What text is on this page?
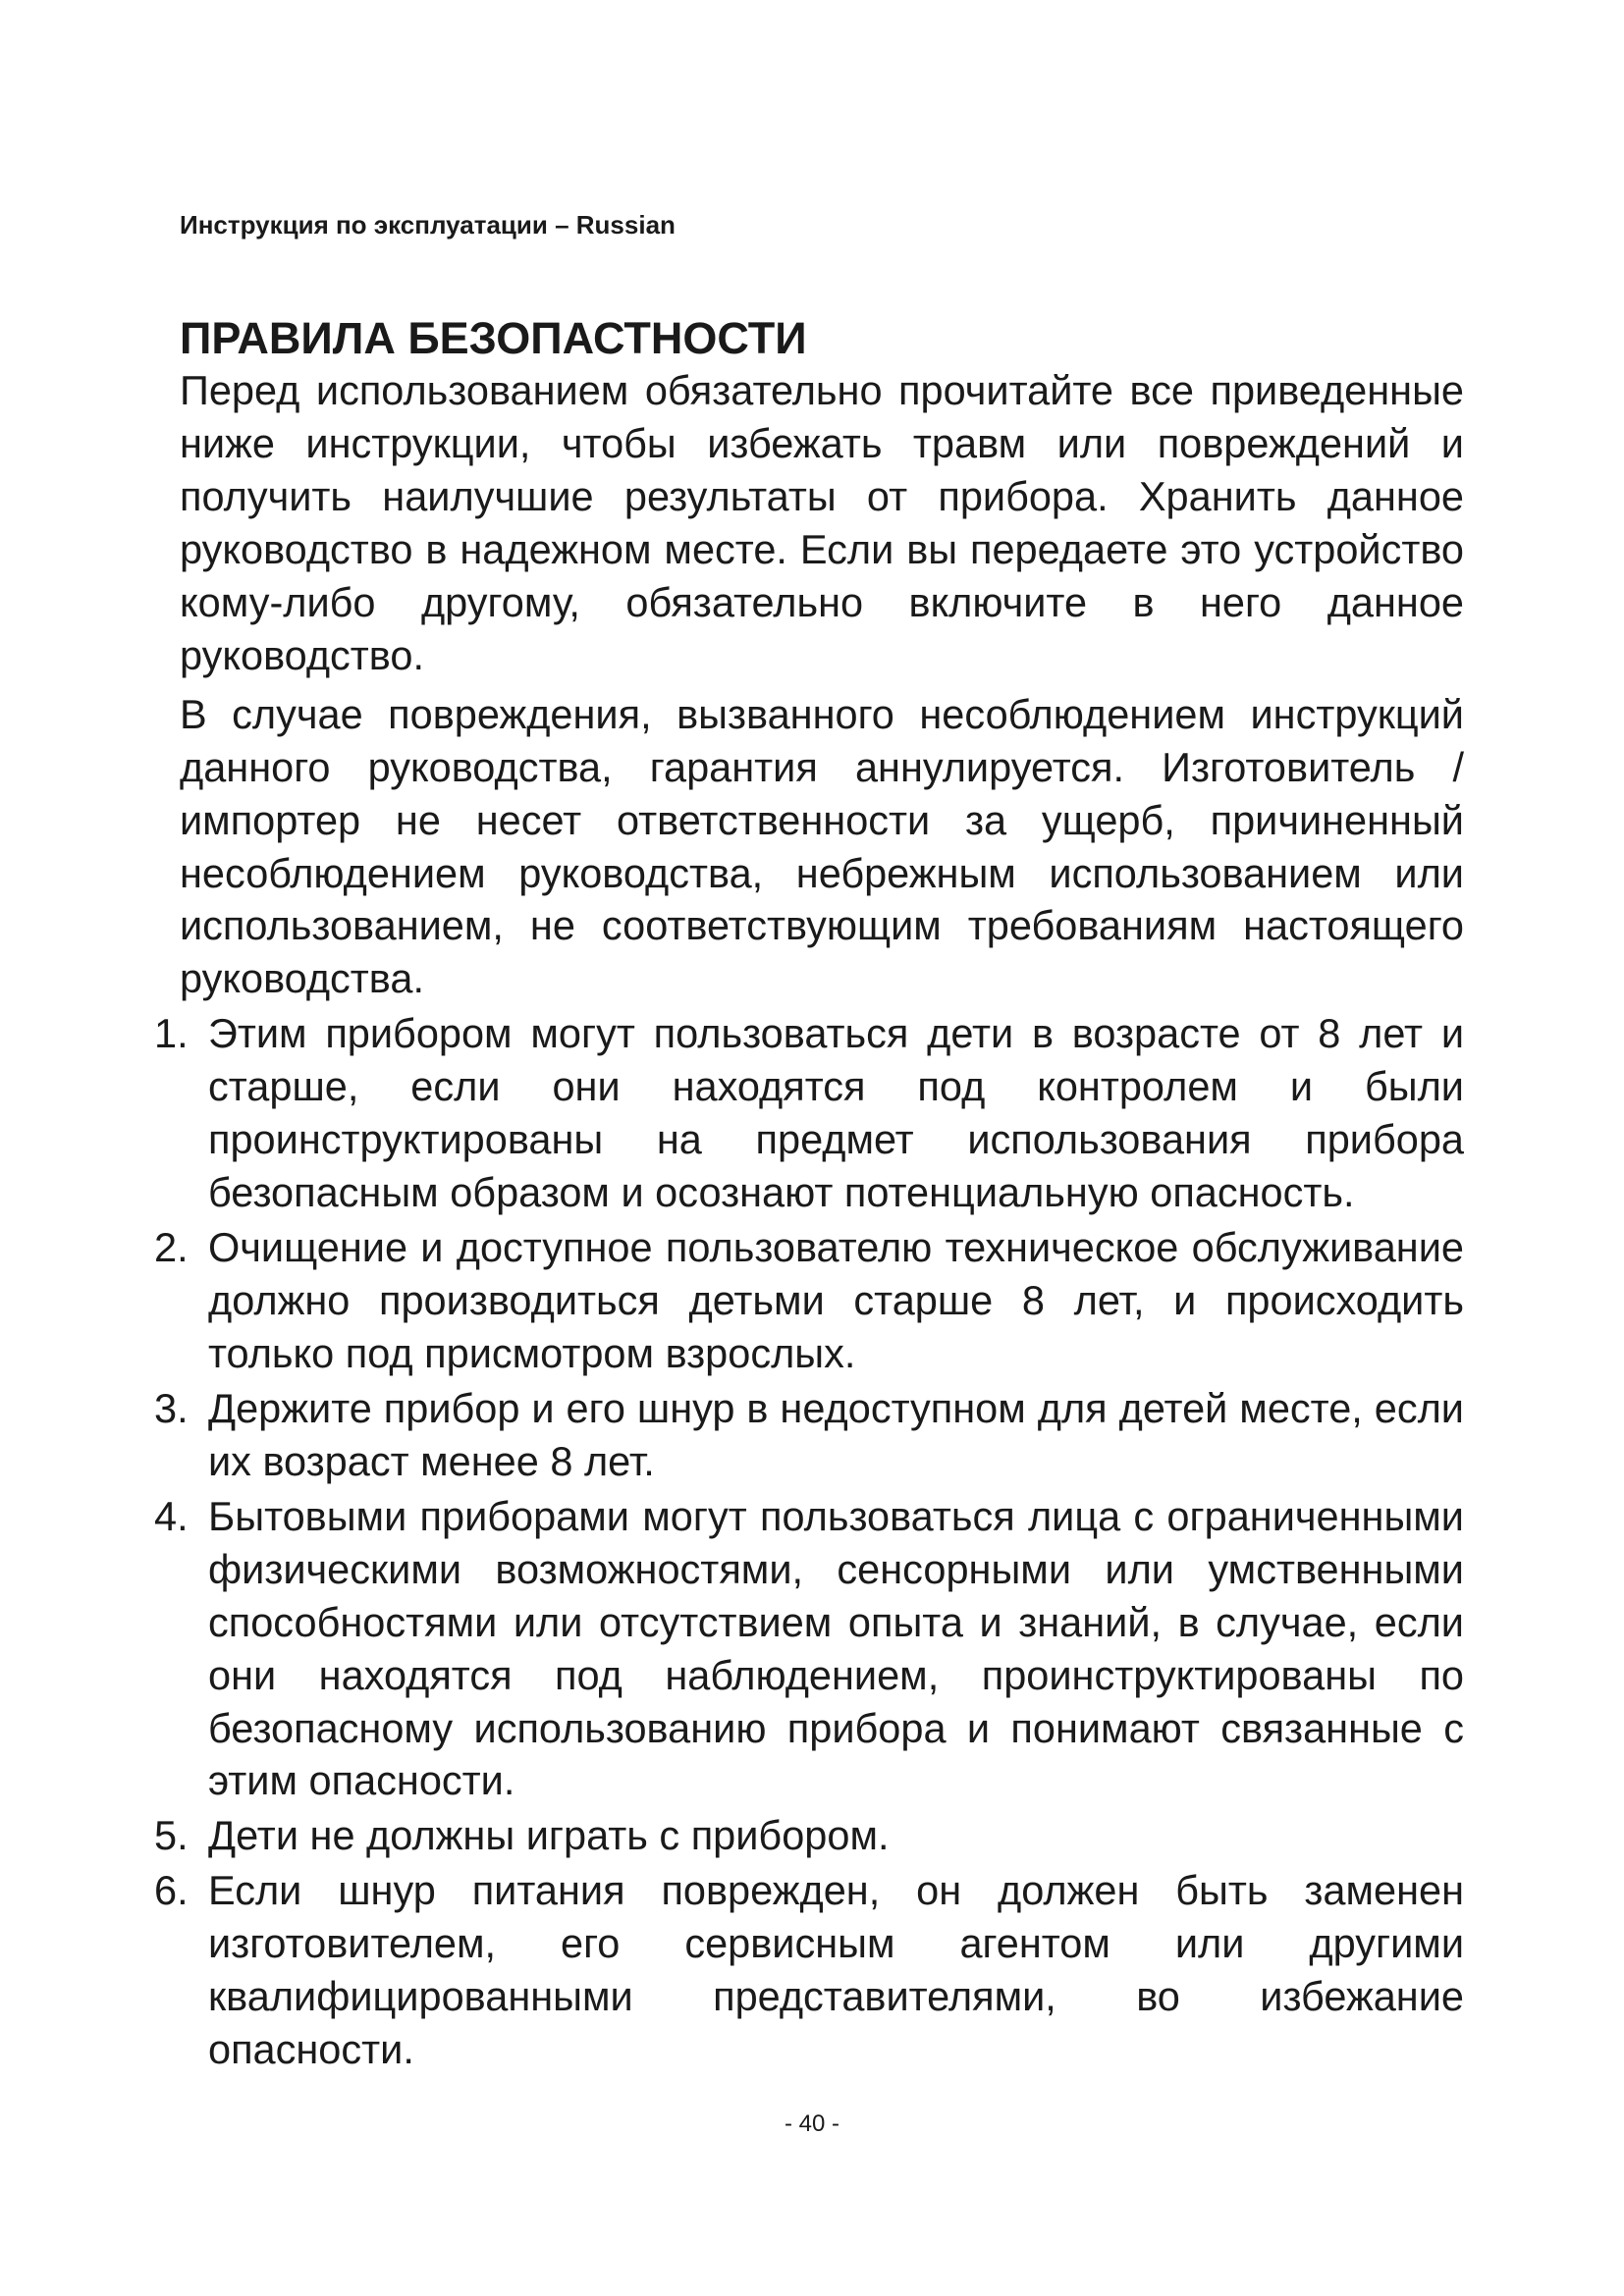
Инструкция по эксплуатации – Russian
ПРАВИЛА БЕЗОПАСТНОСТИ

Перед использованием обязательно прочитайте все приведенные ниже инструкции, чтобы избежать травм или повреждений и получить наилучшие результаты от прибора. Хранить данное руководство в надежном месте. Если вы передаете это устройство кому-либо другому, обязательно включите в него данное руководство.

В случае повреждения, вызванного несоблюдением инструкций данного руководства, гарантия аннулируется. Изготовитель / импортер не несет ответственности за ущерб, причиненный несоблюдением руководства, небрежным использованием или использованием, не соответствующим требованиям настоящего руководства.

1. Этим прибором могут пользоваться дети в возрасте от 8 лет и старше, если они находятся под контролем и были проинструктированы на предмет использования прибора безопасным образом и осознают потенциальную опасность.
2. Очищение и доступное пользователю техническое обслуживание должно производиться детьми старше 8 лет, и происходить только под присмотром взрослых.
3. Держите прибор и его шнур в недоступном для детей месте, если их возраст менее 8 лет.
4. Бытовыми приборами могут пользоваться лица с ограниченными физическими возможностями, сенсорными или умственными способностями или отсутствием опыта и знаний, в случае, если они находятся под наблюдением, проинструктированы по безопасному использованию прибора и понимают связанные с этим опасности.
5. Дети не должны играть с прибором.
6. Если шнур питания поврежден, он должен быть заменен изготовителем, его сервисным агентом или другими квалифицированными представителями, во избежание опасности.
- 40 -
